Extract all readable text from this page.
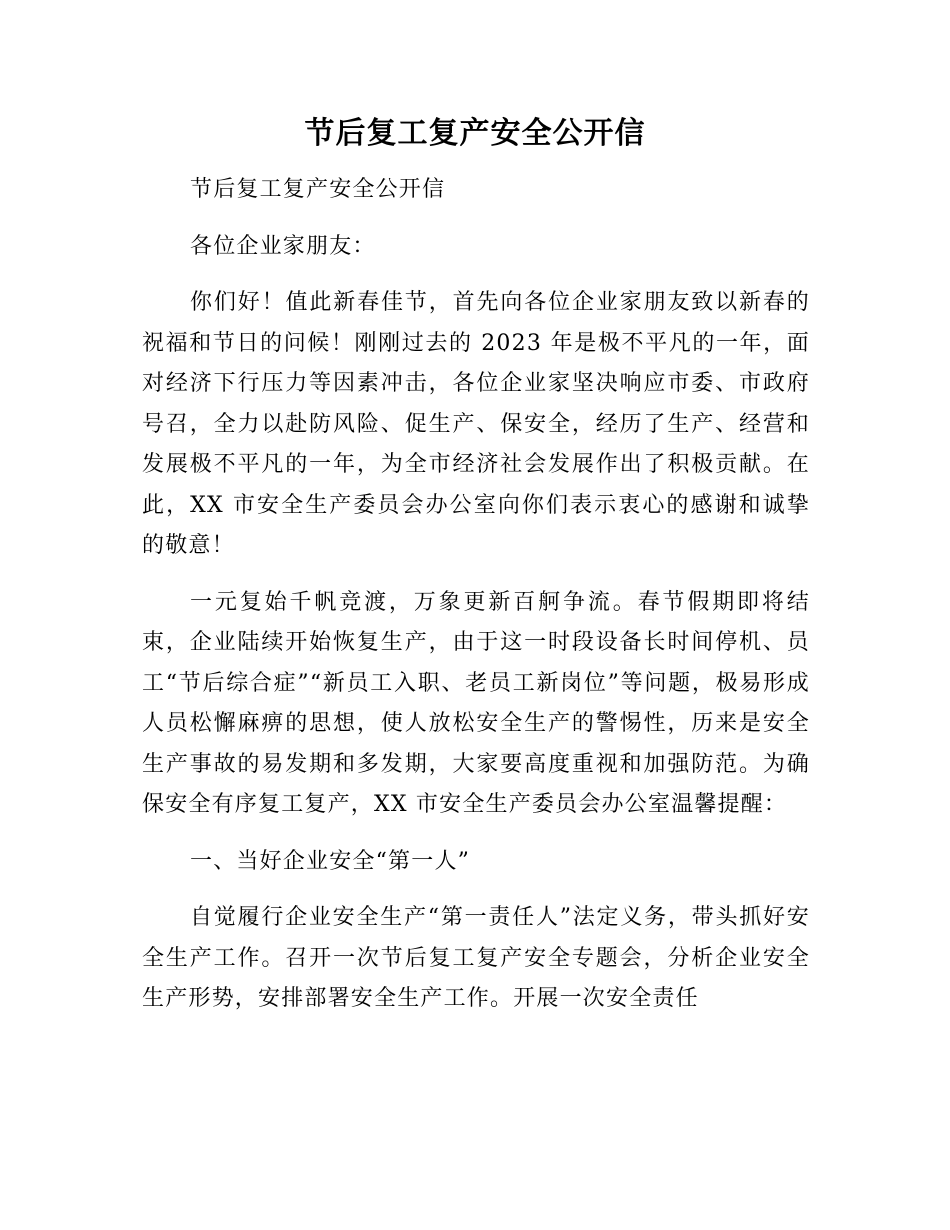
节后复工复产安全公开信

节后复工复产安全公开信

各位企业家朋友：

你们好！值此新春佳节，首先向各位企业家朋友致以新春的祝福和节日的问候！刚刚过去的 2023 年是极不平凡的一年，面对经济下行压力等因素冲击，各位企业家坚决响应市委、市政府号召，全力以赴防风险、促生产、保安全，经历了生产、经营和发展极不平凡的一年，为全市经济社会发展作出了积极贡献。在此，XX 市安全生产委员会办公室向你们表示衷心的感谢和诚挚的敬意！

一元复始千帆竞渡，万象更新百舸争流。春节假期即将结束，企业陆续开始恢复生产，由于这一时段设备长时间停机、员工“节后综合症”“新员工入职、老员工新岗位”等问题，极易形成人员松懈麻痹的思想，使人放松安全生产的警惕性，历来是安全生产事故的易发期和多发期，大家要高度重视和加强防范。为确保安全有序复工复产，XX 市安全生产委员会办公室温馨提醒：

一、当好企业安全“第一人”

自觉履行企业安全生产“第一责任人”法定义务，带头抓好安全生产工作。召开一次节后复工复产安全专题会，分析企业安全生产形势，安排部署安全生产工作。开展一次安全责任
